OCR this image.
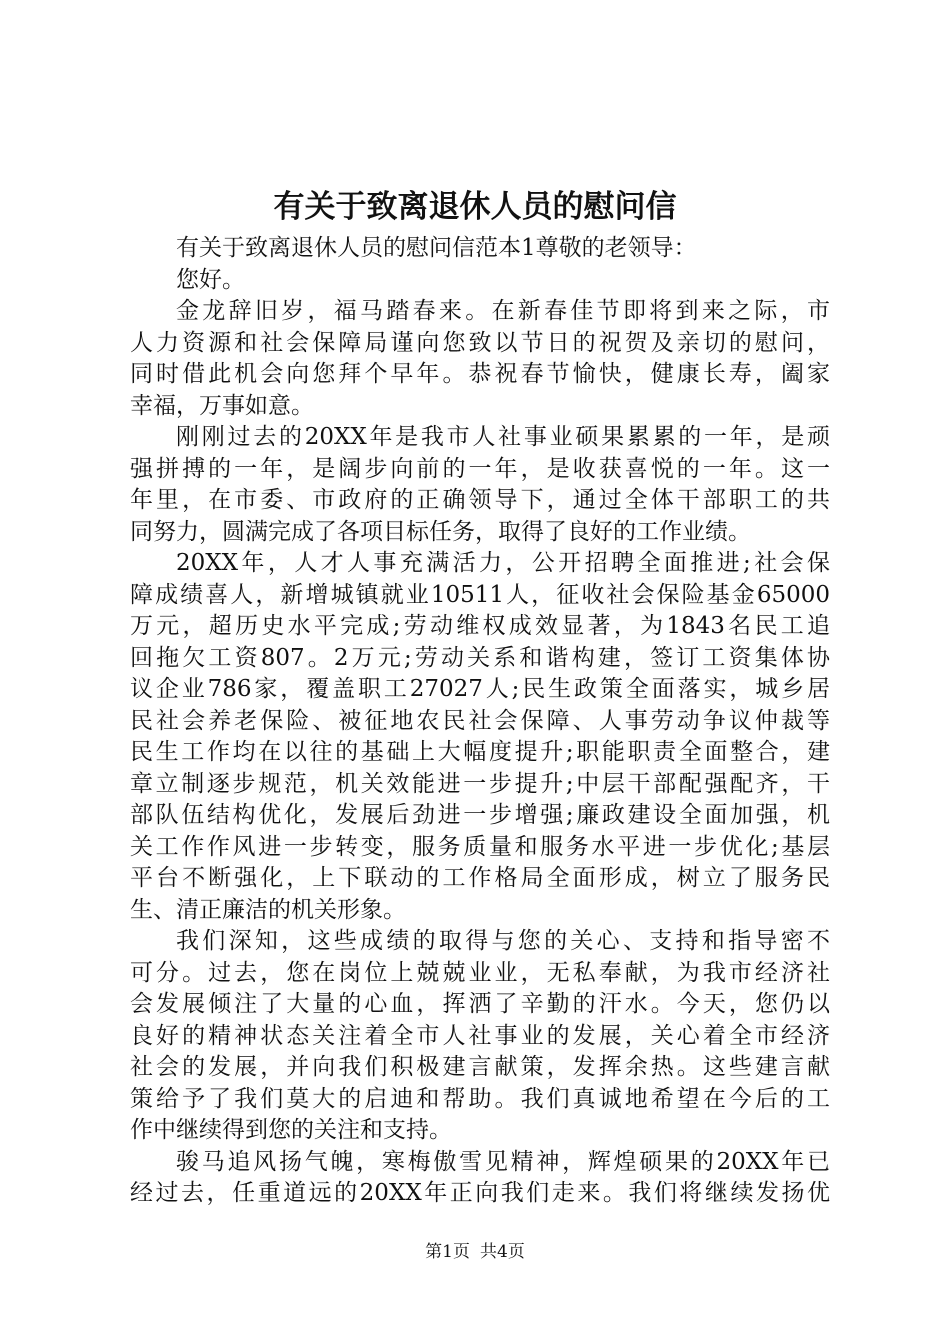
有关于致离退休人员的慰问信
有关于致离退休人员的慰问信范本1尊敬的老领导：
您好。
金龙辞旧岁，福马踏春来。在新春佳节即将到来之际，市
人力资源和社会保障局谨向您致以节日的祝贺及亲切的慰问，
同时借此机会向您拜个早年。恭祝春节愉快，健康长寿，阖家
幸福，万事如意。
刚刚过去的20XX年是我市人社事业硕果累累的一年，是顽
强拼搏的一年，是阔步向前的一年，是收获喜悦的一年。这一
年里，在市委、市政府的正确领导下，通过全体干部职工的共
同努力，圆满完成了各项目标任务，取得了良好的工作业绩。
20XX年，人才人事充满活力，公开招聘全面推进;社会保
障成绩喜人，新增城镇就业10511人，征收社会保险基金65000
万元，超历史水平完成;劳动维权成效显著，为1843名民工追
回拖欠工资807。2万元;劳动关系和谐构建，签订工资集体协
议企业786家，覆盖职工27027人;民生政策全面落实，城乡居
民社会养老保险、被征地农民社会保障、人事劳动争议仲裁等
民生工作均在以往的基础上大幅度提升;职能职责全面整合，建
章立制逐步规范，机关效能进一步提升;中层干部配强配齐，干
部队伍结构优化，发展后劲进一步增强;廉政建设全面加强，机
关工作作风进一步转变，服务质量和服务水平进一步优化;基层
平台不断强化，上下联动的工作格局全面形成，树立了服务民
生、清正廉洁的机关形象。
我们深知，这些成绩的取得与您的关心、支持和指导密不
可分。过去，您在岗位上兢兢业业，无私奉献，为我市经济社
会发展倾注了大量的心血，挥洒了辛勤的汗水。今天，您仍以
良好的精神状态关注着全市人社事业的发展，关心着全市经济
社会的发展，并向我们积极建言献策，发挥余热。这些建言献
策给予了我们莫大的启迪和帮助。我们真诚地希望在今后的工
作中继续得到您的关注和支持。
骏马追风扬气魄，寒梅傲雪见精神，辉煌硕果的20XX年已
经过去，任重道远的20XX年正向我们走来。我们将继续发扬优
第1页 共4页
